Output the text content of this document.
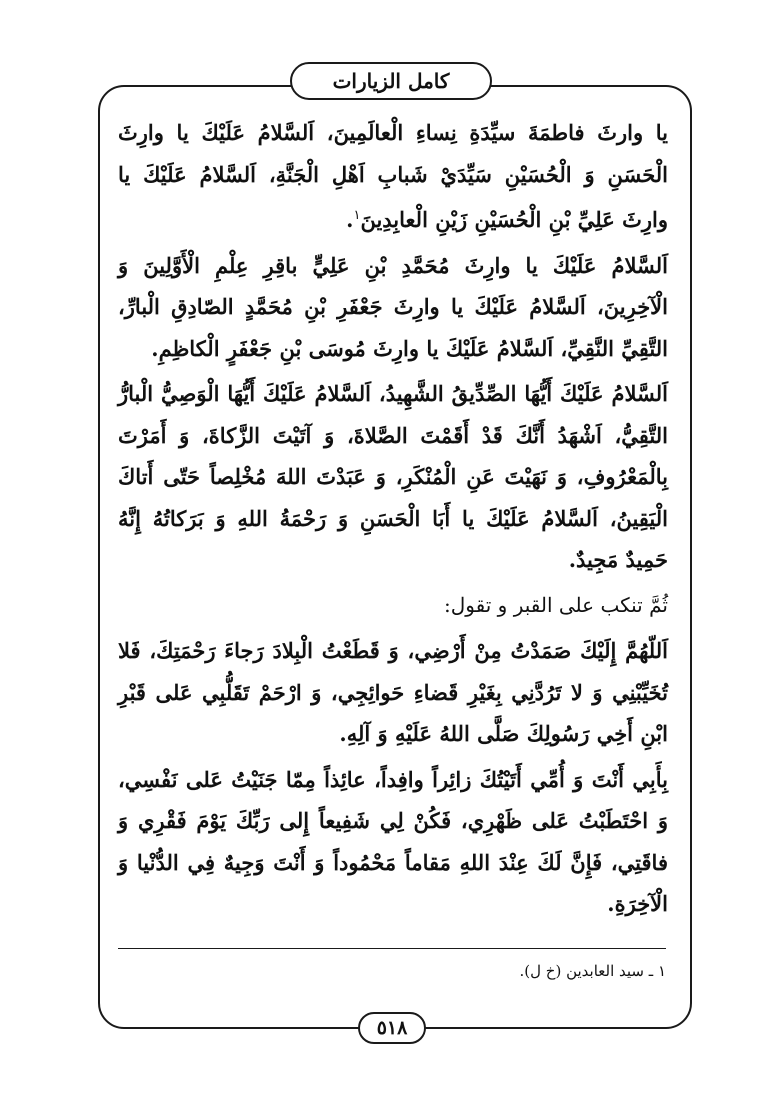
كامل الزيارات

يا وارثَ فاطمَةَ سيِّدَةِ نِساءِ الْعالَمِينَ، اَلسَّلامُ عَلَيْكَ يا وارِثَ الْحَسَنِ وَ الْحُسَيْنِ سَيِّدَيْ شَبابِ اَهْلِ الْجَنَّةِ، اَلسَّلامُ عَلَيْكَ يا وارِثَ عَلِيِّ بْنِ الْحُسَيْنِ زَيْنِ الْعابِدِينَ$^١$.

اَلسَّلامُ عَلَيْكَ يا وارِثَ مُحَمَّدِ بْنِ عَلِيٍّ باقِرِ عِلْمِ الْأَوَّلِينَ وَ الْآخِرِينَ، اَلسَّلامُ عَلَيْكَ يا وارِثَ جَعْفَرِ بْنِ مُحَمَّدٍ الصّادِقِ الْبارِّ، التَّقِيِّ النَّقِيِّ، اَلسَّلامُ عَلَيْكَ يا وارِثَ مُوسَى بْنِ جَعْفَرٍ الْكاظِمِ.

اَلسَّلامُ عَلَيْكَ أَيُّهَا الصِّدِّيقُ الشَّهِيدُ، اَلسَّلامُ عَلَيْكَ أَيُّهَا الْوَصِيُّ الْبارُّ التَّقِيُّ، اَشْهَدُ أَنَّكَ قَدْ أَقَمْتَ الصَّلاةَ، وَ آتَيْتَ الزَّكاةَ، وَ أَمَرْتَ بِالْمَعْرُوفِ، وَ نَهَيْتَ عَنِ الْمُنْكَرِ، وَ عَبَدْتَ اللهَ مُخْلِصاً حَتّى أَتاكَ الْيَقِينُ، اَلسَّلامُ عَلَيْكَ يا أَبَا الْحَسَنِ وَ رَحْمَةُ اللهِ وَ بَرَكاتُهُ إِنَّهُ حَمِيدٌ مَجِيدٌ.

ثُمَّ تنكب على القبر و تقول:

اَللّهُمَّ إِلَيْكَ صَمَدْتُ مِنْ أَرْضِي، وَ قَطَعْتُ الْبِلادَ رَجاءَ رَحْمَتِكَ، فَلا تُخَيِّبْنِي وَ لا تَرُدَّنِي بِغَيْرِ قَضاءِ حَوائِجِي، وَ ارْحَمْ تَقَلُّبِي عَلى قَبْرِ ابْنِ أَخِي رَسُولِكَ صَلَّى اللهُ عَلَيْهِ وَ آلِهِ.

بِأَبِي أَنْتَ وَ أُمِّي أَتَيْتُكَ زائِراً وافِداً، عائِذاً مِمّا جَنَيْتُ عَلى نَفْسِي، وَ احْتَطَبْتُ عَلى ظَهْرِي، فَكُنْ لِي شَفِيعاً إِلى رَبِّكَ يَوْمَ فَقْرِي وَ فاقَتِي، فَإِنَّ لَكَ عِنْدَ اللهِ مَقاماً مَحْمُوداً وَ أَنْتَ وَجِيهٌ فِي الدُّنْيا وَ الْآخِرَةِ.

١ ـ سيد العابدين (خ ل).
٥١٨
